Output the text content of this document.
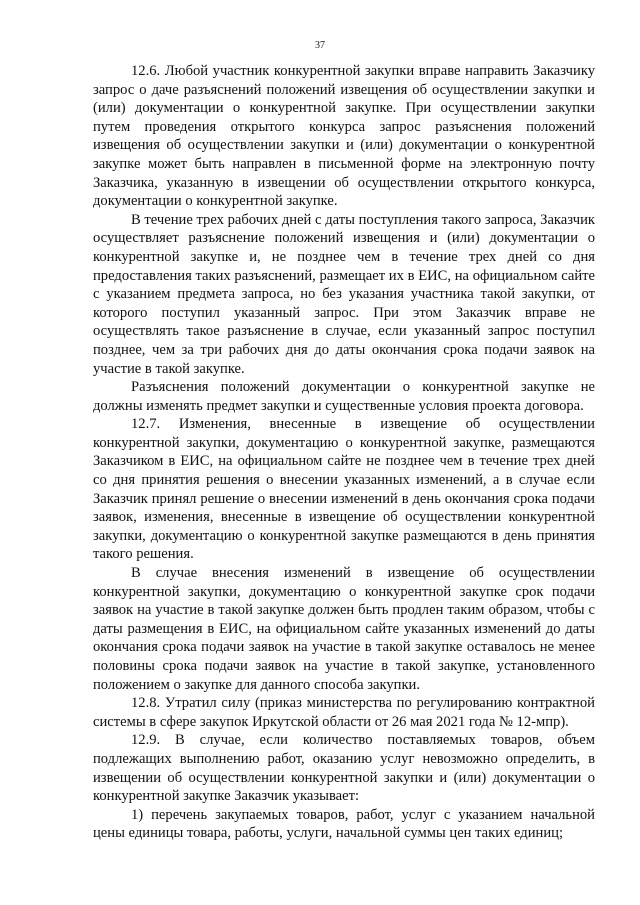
37

12.6. Любой участник конкурентной закупки вправе направить Заказчику запрос о даче разъяснений положений извещения об осуществлении закупки и (или) документации о конкурентной закупке. При осуществлении закупки путем проведения открытого конкурса запрос разъяснения положений извещения об осуществлении закупки и (или) документации о конкурентной закупке может быть направлен в письменной форме на электронную почту Заказчика, указанную в извещении об осуществлении открытого конкурса, документации о конкурентной закупке.

В течение трех рабочих дней с даты поступления такого запроса, Заказчик осуществляет разъяснение положений извещения и (или) документации о конкурентной закупке и, не позднее чем в течение трех дней со дня предоставления таких разъяснений, размещает их в ЕИС, на официальном сайте с указанием предмета запроса, но без указания участника такой закупки, от которого поступил указанный запрос. При этом Заказчик вправе не осуществлять такое разъяснение в случае, если указанный запрос поступил позднее, чем за три рабочих дня до даты окончания срока подачи заявок на участие в такой закупке.

Разъяснения положений документации о конкурентной закупке не должны изменять предмет закупки и существенные условия проекта договора.

12.7. Изменения, внесенные в извещение об осуществлении конкурентной закупки, документацию о конкурентной закупке, размещаются Заказчиком в ЕИС, на официальном сайте не позднее чем в течение трех дней со дня принятия решения о внесении указанных изменений, а в случае если Заказчик принял решение о внесении изменений в день окончания срока подачи заявок, изменения, внесенные в извещение об осуществлении конкурентной закупки, документацию о конкурентной закупке размещаются в день принятия такого решения.

В случае внесения изменений в извещение об осуществлении конкурентной закупки, документацию о конкурентной закупке срок подачи заявок на участие в такой закупке должен быть продлен таким образом, чтобы с даты размещения в ЕИС, на официальном сайте указанных изменений до даты окончания срока подачи заявок на участие в такой закупке оставалось не менее половины срока подачи заявок на участие в такой закупке, установленного положением о закупке для данного способа закупки.

12.8. Утратил силу (приказ министерства по регулированию контрактной системы в сфере закупок Иркутской области от 26 мая 2021 года № 12-мпр).

12.9. В случае, если количество поставляемых товаров, объем подлежащих выполнению работ, оказанию услуг невозможно определить, в извещении об осуществлении конкурентной закупки и (или) документации о конкурентной закупке Заказчик указывает:

1) перечень закупаемых товаров, работ, услуг с указанием начальной цены единицы товара, работы, услуги, начальной суммы цен таких единиц;
